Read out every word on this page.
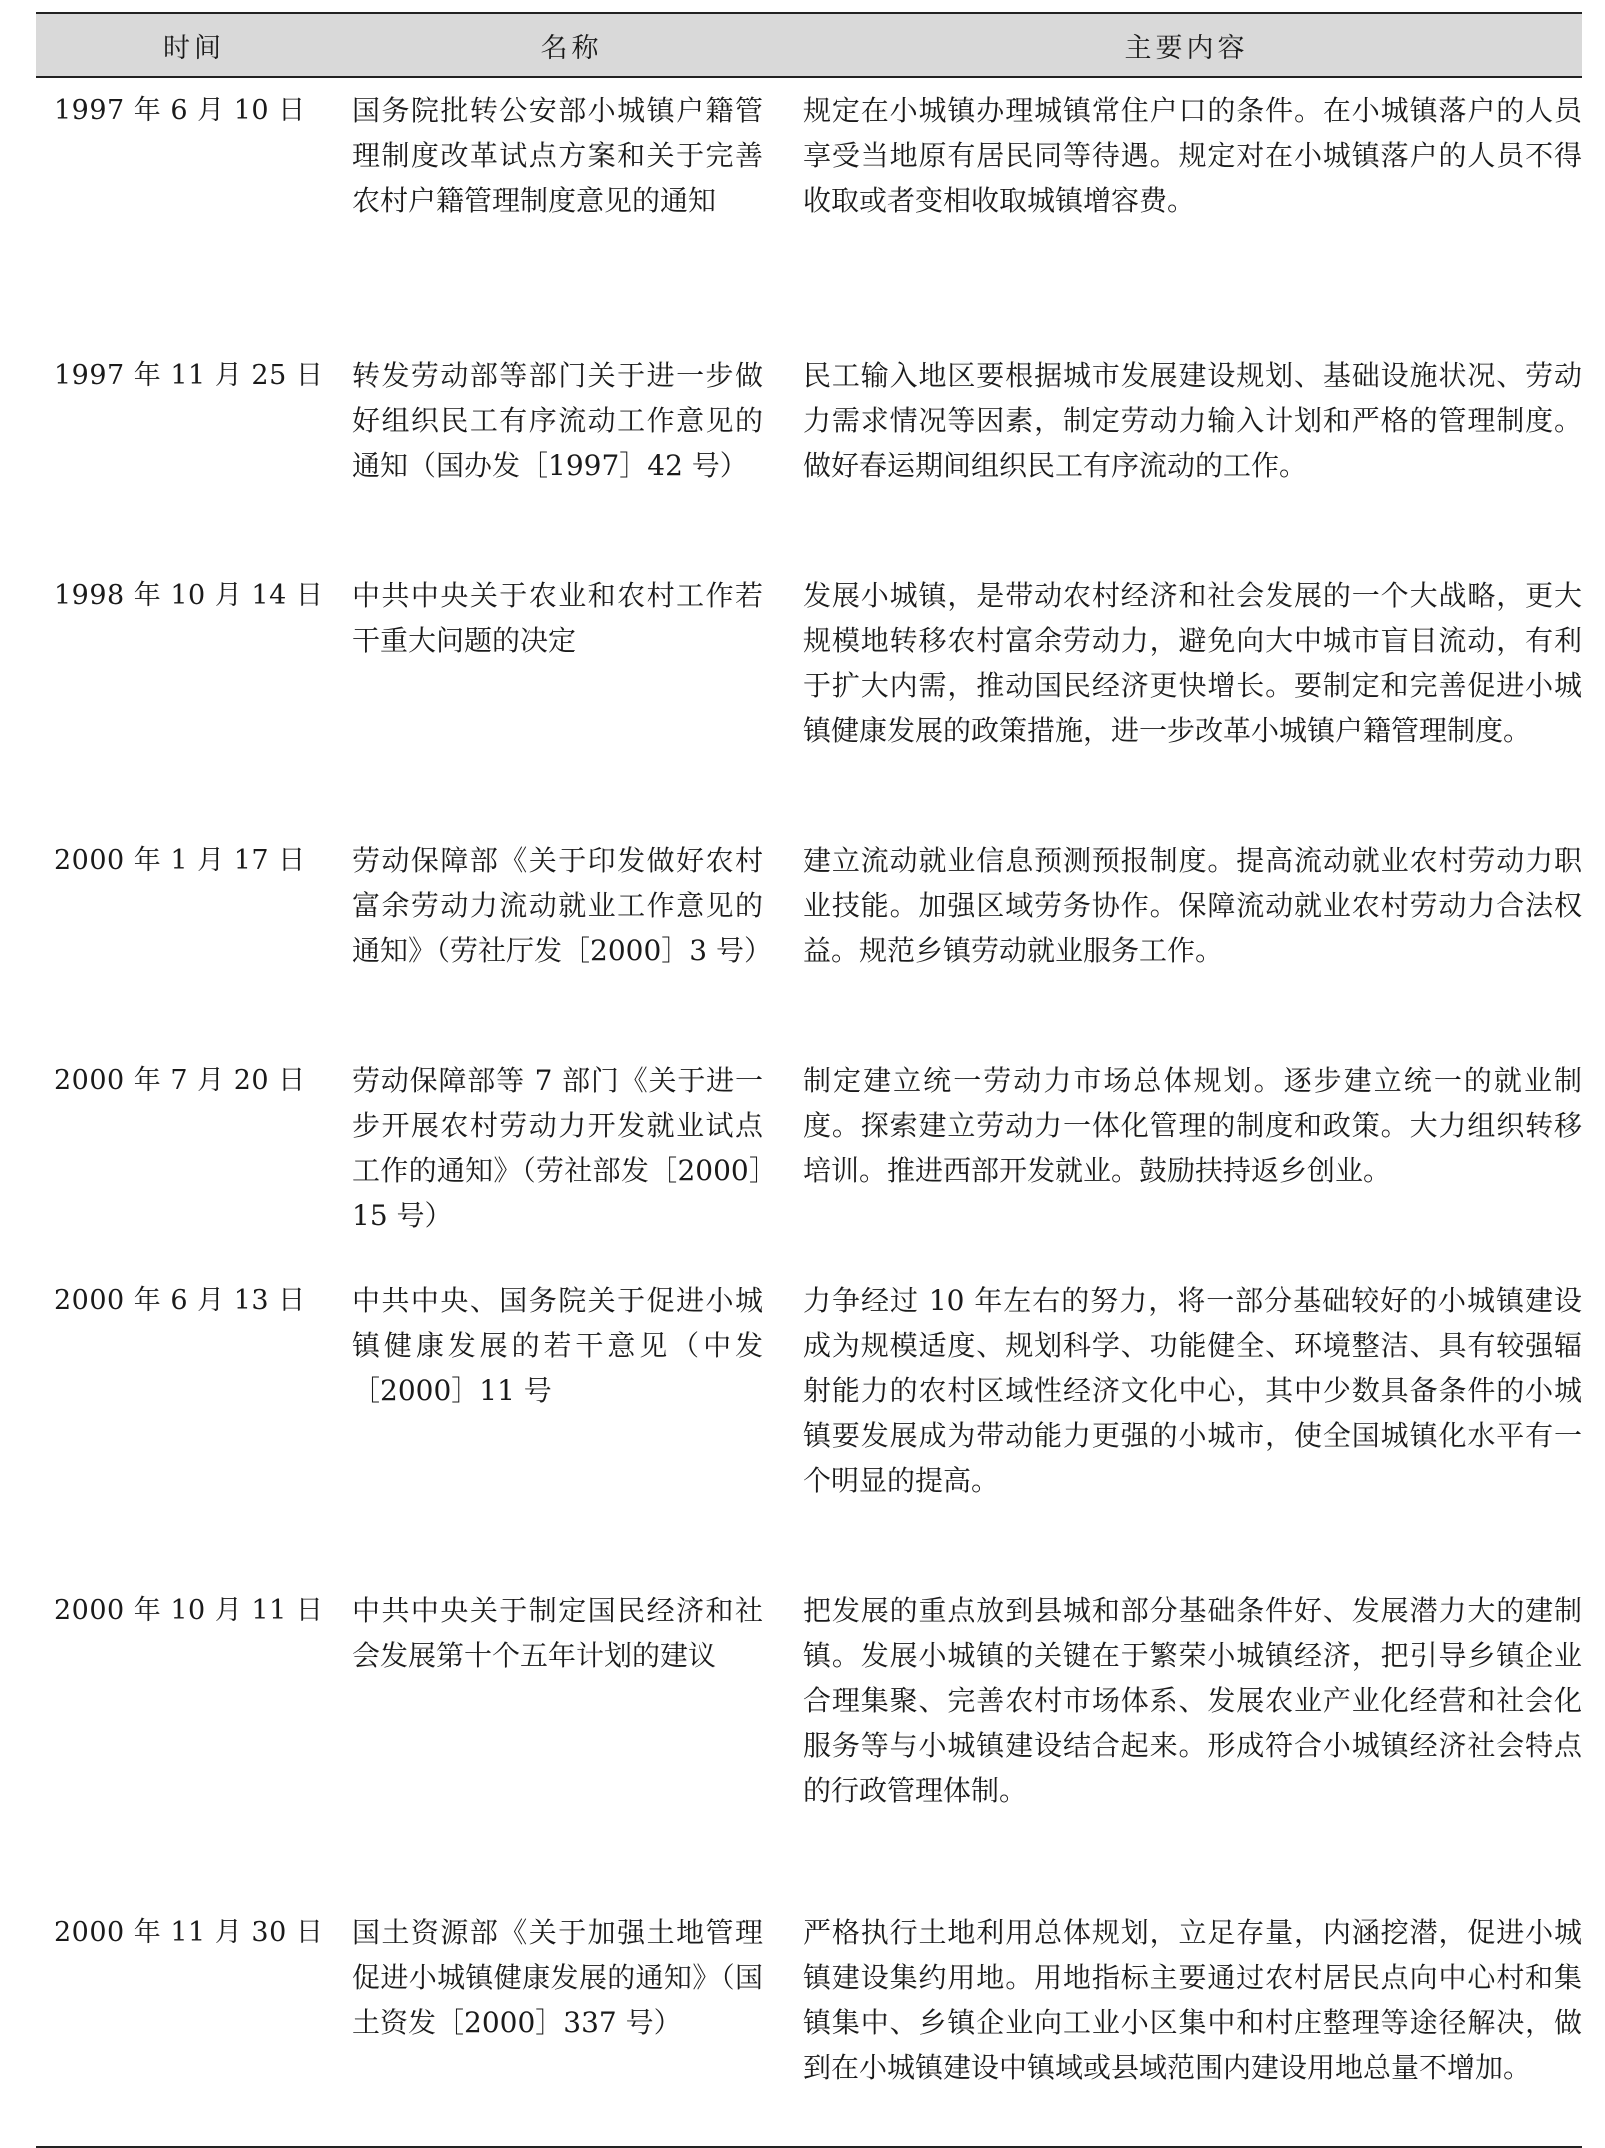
时间	名称	主要内容
1997 年 6 月 10 日	国务院批转公安部小城镇户籍管理制度改革试点方案和关于完善农村户籍管理制度意见的通知	规定在小城镇办理城镇常住户口的条件。在小城镇落户的人员享受当地原有居民同等待遇。规定对在小城镇落户的人员不得收取或者变相收取城镇增容费。
1997 年 11 月 25 日	转发劳动部等部门关于进一步做好组织民工有序流动工作意见的通知（国办发［1997］42 号）	民工输入地区要根据城市发展建设规划、基础设施状况、劳动力需求情况等因素，制定劳动力输入计划和严格的管理制度。做好春运期间组织民工有序流动的工作。
1998 年 10 月 14 日	中共中央关于农业和农村工作若干重大问题的决定	发展小城镇，是带动农村经济和社会发展的一个大战略，更大规模地转移农村富余劳动力，避免向大中城市盲目流动，有利于扩大内需，推动国民经济更快增长。要制定和完善促进小城镇健康发展的政策措施，进一步改革小城镇户籍管理制度。
2000 年 1 月 17 日	劳动保障部《关于印发做好农村富余劳动力流动就业工作意见的通知》（劳社厅发［2000］3 号）	建立流动就业信息预测预报制度。提高流动就业农村劳动力职业技能。加强区域劳务协作。保障流动就业农村劳动力合法权益。规范乡镇劳动就业服务工作。
2000 年 7 月 20 日	劳动保障部等 7 部门《关于进一步开展农村劳动力开发就业试点工作的通知》（劳社部发［2000］15 号）	制定建立统一劳动力市场总体规划。逐步建立统一的就业制度。探索建立劳动力一体化管理的制度和政策。大力组织转移培训。推进西部开发就业。鼓励扶持返乡创业。
2000 年 6 月 13 日	中共中央、国务院关于促进小城镇健康发展的若干意见（中发［2000］11 号	力争经过 10 年左右的努力，将一部分基础较好的小城镇建设成为规模适度、规划科学、功能健全、环境整洁、具有较强辐射能力的农村区域性经济文化中心，其中少数具备条件的小城镇要发展成为带动能力更强的小城市，使全国城镇化水平有一个明显的提高。
2000 年 10 月 11 日	中共中央关于制定国民经济和社会发展第十个五年计划的建议	把发展的重点放到县城和部分基础条件好、发展潜力大的建制镇。发展小城镇的关键在于繁荣小城镇经济，把引导乡镇企业合理集聚、完善农村市场体系、发展农业产业化经营和社会化服务等与小城镇建设结合起来。形成符合小城镇经济社会特点的行政管理体制。
2000 年 11 月 30 日	国土资源部《关于加强土地管理促进小城镇健康发展的通知》（国土资发［2000］337 号）	严格执行土地利用总体规划，立足存量，内涵挖潜，促进小城镇建设集约用地。用地指标主要通过农村居民点向中心村和集镇集中、乡镇企业向工业小区集中和村庄整理等途径解决，做到在小城镇建设中镇域或县域范围内建设用地总量不增加。
